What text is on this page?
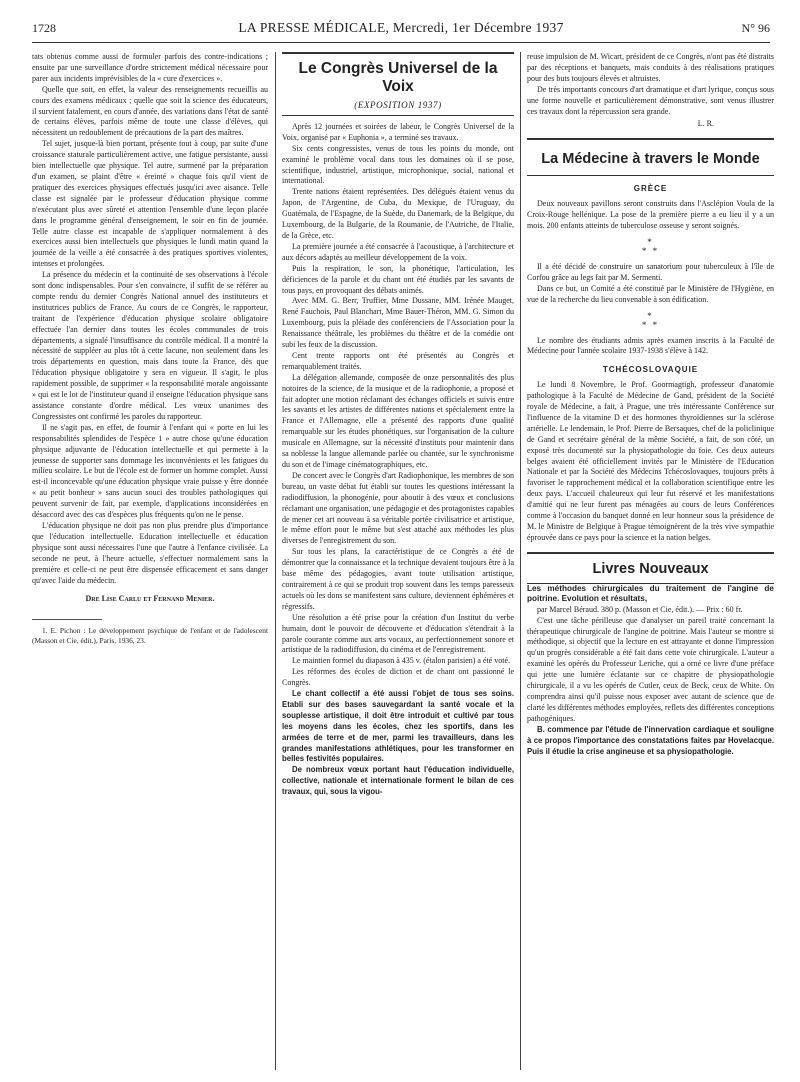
1728	LA PRESSE MÉDICALE, Mercredi, 1er Décembre 1937	N° 96

tats obtenus comme aussi de formuler parfois des contre-indications ; ensuite par une surveillance d'ordre strictement médical nécessaire pour parer aux incidents imprévisibles de la « cure d'exercices ».

Quelle que soit, en effet, la valeur des renseignements recueillis au cours des examens médicaux ; quelle que soit la science des éducateurs, il survient fatalement, en cours d'année, des variations dans l'état de santé de certains élèves, parfois même de toute une classe d'élèves, qui nécessitent un redoublement de précautions de la part des maîtres.

Tel sujet, jusque-là bien portant, présente tout à coup, par suite d'une croissance staturale particulièrement active, une fatigue persistante, aussi bien intellectuelle que physique. Tel autre, surmené par la préparation d'un examen, se plaint d'être « éreinté » chaque fois qu'il vient de pratiquer des exercices physiques effectués jusqu'ici avec aisance. Telle classe est signalée par le professeur d'éducation physique comme n'exécutant plus avec sûreté et attention l'ensemble d'une leçon placée dans le programme général d'enseignement, le soir en fin de journée. Telle autre classe est incapable de s'appliquer normalement à des exercices aussi bien intellectuels que physiques le lundi matin quand la journée de la veille a été consacrée à des pratiques sportives violentes, intenses et prolongées.

La présence du médecin et la continuité de ses observations à l'école sont donc indispensables. Pour s'en convaincre, il suffit de se référer au compte rendu du dernier Congrès National annuel des instituteurs et institutrices publics de France. Au cours de ce Congrès, le rapporteur, traitant de l'expérience d'éducation physique scolaire obligatoire effectuée l'an dernier dans toutes les écoles communales de trois départements, a signalé l'insuffisance du contrôle médical. Il a montré la nécessité de suppléer au plus tôt à cette lacune, non seulement dans les trois départements en question, mais dans toute la France, dès que l'éducation physique obligatoire y sera en vigueur. Il s'agit, le plus rapidement possible, de supprimer « la responsabilité morale angoissante » qui est le lot de l'instituteur quand il enseigne l'éducation physique sans assistance constante d'ordre médical. Les vœux unanimes des Congressistes ont confirmé les paroles du rapporteur.

Il ne s'agit pas, en effet, de fournir à l'enfant qui « porte en lui les responsabilités splendides de l'espèce 1 » autre chose qu'une éducation physique adjuvante de l'éducation intellectuelle et qui permette à la jeunesse de supporter sans dommage les inconvénients et les fatigues du milieu scolaire. Le but de l'école est de former un homme complet. Aussi est-il inconcevable qu'une éducation physique vraie puisse y être donnée « au petit bonheur » sans aucun souci des troubles pathologiques qui peuvent survenir de fait, par exemple, d'applications inconsidérées en désaccord avec des cas d'espèces plus fréquents qu'on ne le pense.

L'éducation physique ne doit pas non plus prendre plus d'importance que l'éducation intellectuelle. Education intellectuelle et éducation physique sont aussi nécessaires l'une que l'autre à l'enfance civilisée. La seconde ne peut, à l'heure actuelle, s'effectuer normalement sans la première et celle-ci ne peut être dispensée efficacement et sans danger qu'avec l'aide du médecin.

Dre Lise Carlu et Fernand Menier.

1. E. Pichon : Le développement psychique de l'enfant et de l'adolescent (Masson et Cie, édit.), Paris, 1936, 23.

Le Congrès Universel de la Voix
(EXPOSITION 1937)

Après 12 journées et soirées de labeur, le Congrès Universel de la Voix, organisé par « Euphonia », a terminé ses travaux.

Six cents congressistes, venus de tous les points du monde, ont examiné le problème vocal dans tous les domaines où il se pose, scientifique, industriel, artistique, microphonique, social, national et international.

Trente nations étaient représentées. Des délégués étaient venus du Japon, de l'Argentine, de Cuba, du Mexique, de l'Uruguay, du Guatémala, de l'Espagne, de la Suède, du Danemark, de la Belgique, du Luxembourg, de la Bulgarie, de la Roumanie, de l'Autriche, de l'Italie, de la Grèce, etc.

La première journée a été consacrée à l'acoustique, à l'architecture et aux décors adaptés au meilleur développement de la voix.

Puis la respiration, le son, la phonétique, l'articulation, les déficiences de la parole et du chant ont été étudiés par les savants de tous pays, en provoquant des débats animés.

Avec MM. G. Berr, Truffier, Mme Dussane, MM. Irénée Mauget, René Fauchois, Paul Blanchart, Mme Bauer-Théron, MM. G. Simon du Luxembourg, puis la pléiade des conférenciers de l'Association pour la Renaissance théâtrale, les problèmes du théâtre et de la comédie ont subi les feux de la discussion.

Cent trente rapports ont été présentés au Congrès et remarquablement traités.

La délégation allemande, composée de onze personnalités des plus notoires de la science, de la musique et de la radiophonie, a proposé et fait adopter une motion réclamant des échanges officiels et suivis entre les savants et les artistes de différentes nations et spécialement entre la France et l'Allemagne, elle a présenté des rapports d'une qualité remarquable sur les études phonétiques, sur l'organisation de la culture musicale en Allemagne, sur la nécessité d'instituts pour maintenir dans sa noblesse la langue allemande parlée ou chantée, sur le synchronisme du son et de l'image cinématographiques, etc.

De concert avec le Congrès d'art Radiophonique, les membres de son bureau, un vaste débat fut établi sur toutes les questions intéressant la radiodiffusion, la phonogénie, pour aboutir à des vœux et conclusions réclamant une organisation, une pédagogie et des protagonistes capables de mener cet art nouveau à sa véritable portée civilisatrice et artistique, le même effort pour le même but s'est attaché aux méthodes les plus diverses de l'enregistrement du son.

Sur tous les plans, la caractéristique de ce Congrès a été de démontrer que la connaissance et la technique devaient toujours être à la base même des pédagogies, avant toute utilisation artistique, contrairement à ce qui se produit trop souvent dans les temps paresseux actuels où les dons se manifestent sans culture, deviennent éphémères et régressifs.

Une résolution a été prise pour la création d'un Institut du verbe humain, dont le pouvoir de découverte et d'éducation s'étendrait à la parole courante comme aux arts vocaux, au perfectionnement sonore et artistique de la radiodiffusion, du cinéma et de l'enregistrement.

Le maintien formel du diapason à 435 v. (étalon parisien) a été voté.

Les réformes des écoles de diction et de chant ont passionné le Congrès.

Le chant collectif a été aussi l'objet de tous ses soins. Etabli sur des bases sauvegardant la santé vocale et la souplesse artistique, il doit être introduit et cultivé par tous les moyens dans les écoles, chez les sportifs, dans les armées de terre et de mer, parmi les travailleurs, dans les grandes manifestations athlétiques, pour les transformer en belles festivités populaires.

De nombreux vœux portant haut l'éducation individuelle, collective, nationale et internationale forment le bilan de ces travaux, qui, sous la vigou-

reuse impulsion de M. Wicart, président de ce Congrès, n'ont pas été distraits par des réceptions et banquets, mais conduits à des réalisations pratiques pour des buts toujours élevés et altruistes.

De très importants concours d'art dramatique et d'art lyrique, conçus sous une forme nouvelle et particulièrement démonstrative, sont venus illustrer ces travaux dont la répercussion sera grande.

L. R.
La Médecine à travers le Monde
GRÈCE

Deux nouveaux pavillons seront construits dans l'Asclépion Voula de la Croix-Rouge hellénique. La pose de la première pierre a eu lieu il y a un mois. 200 enfants atteints de tuberculose osseuse y seront soignés.

*
* *

Il a été décidé de construire un sanatorium pour tuberculeux à l'île de Corfou grâce au legs fait par M. Sermenti.

Dans ce but, un Comité a été constitué par le Ministère de l'Hygiène, en vue de la recherche du lieu convenable à son édification.

*
* *

Le nombre des étudiants admis après examen inscrits à la Faculté de Médecine pour l'année scolaire 1937-1938 s'élève à 142.

TCHÉCOSLOVAQUIE

Le lundi 8 Novembre, le Prof. Goormagtigh, professeur d'anatomie pathologique à la Faculté de Médecine de Gand, président de la Société royale de Médecine, a fait, à Prague, une très intéressante Conférence sur l'influence de la vitamine D et des hormones thyroïdiennes sur la sclérose artérielle. Le lendemain, le Prof. Pierre de Bersaques, chef de la policlinique de Gand et secrétaire général de la même Société, a fait, de son côté, un exposé très documenté sur la physiopathologie du foie. Ces deux auteurs belges avaient été officiellement invités par le Ministère de l'Education Nationale et par la Société des Médecins Tchécoslovaques, toujours prêts à favoriser le rapprochement médical et la collaboration scientifique entre les deux pays. L'accueil chaleureux qui leur fut réservé et les manifestations d'amitié qui ne leur furent pas ménagées au cours de leurs Conférences comme à l'occasion du banquet donné en leur honneur sous la présidence de M. le Ministre de Belgique à Prague témoignèrent de la très vive sympathie éprouvée dans ce pays pour la science et la nation belges.

Livres Nouveaux

Les méthodes chirurgicales du traitement de l'angine de poitrine. Evolution et résultats,

par Marcel Béraud. 380 p. (Masson et Cie, édit.). — Prix : 60 fr.

C'est une tâche périlleuse que d'analyser un pareil traité concernant la thérapeutique chirurgicale de l'angine de poitrine. Mais l'auteur se montre si méthodique, si objectif que la lecture en est attrayante et donne l'impression qu'un progrès considérable a été fait dans cette voie chirurgicale. L'auteur a examiné les opérés du Professeur Leriche, qui a orné ce livre d'une préface qui jette une lumière éclatante sur ce chapitre de physiopathologie chirurgicale, il a vu les opérés de Cutler, ceux de Beck, ceux de White. On comprendra ainsi qu'il puisse nous exposer avec autant de science que de clarté les différentes méthodes employées, reflets des différentes conceptions pathogéniques.

B. commence par l'étude de l'innervation cardiaque et souligne à ce propos l'importance des constatations faites par Hovelacque. Puis il étudie la crise angineuse et sa physiopathologie.
